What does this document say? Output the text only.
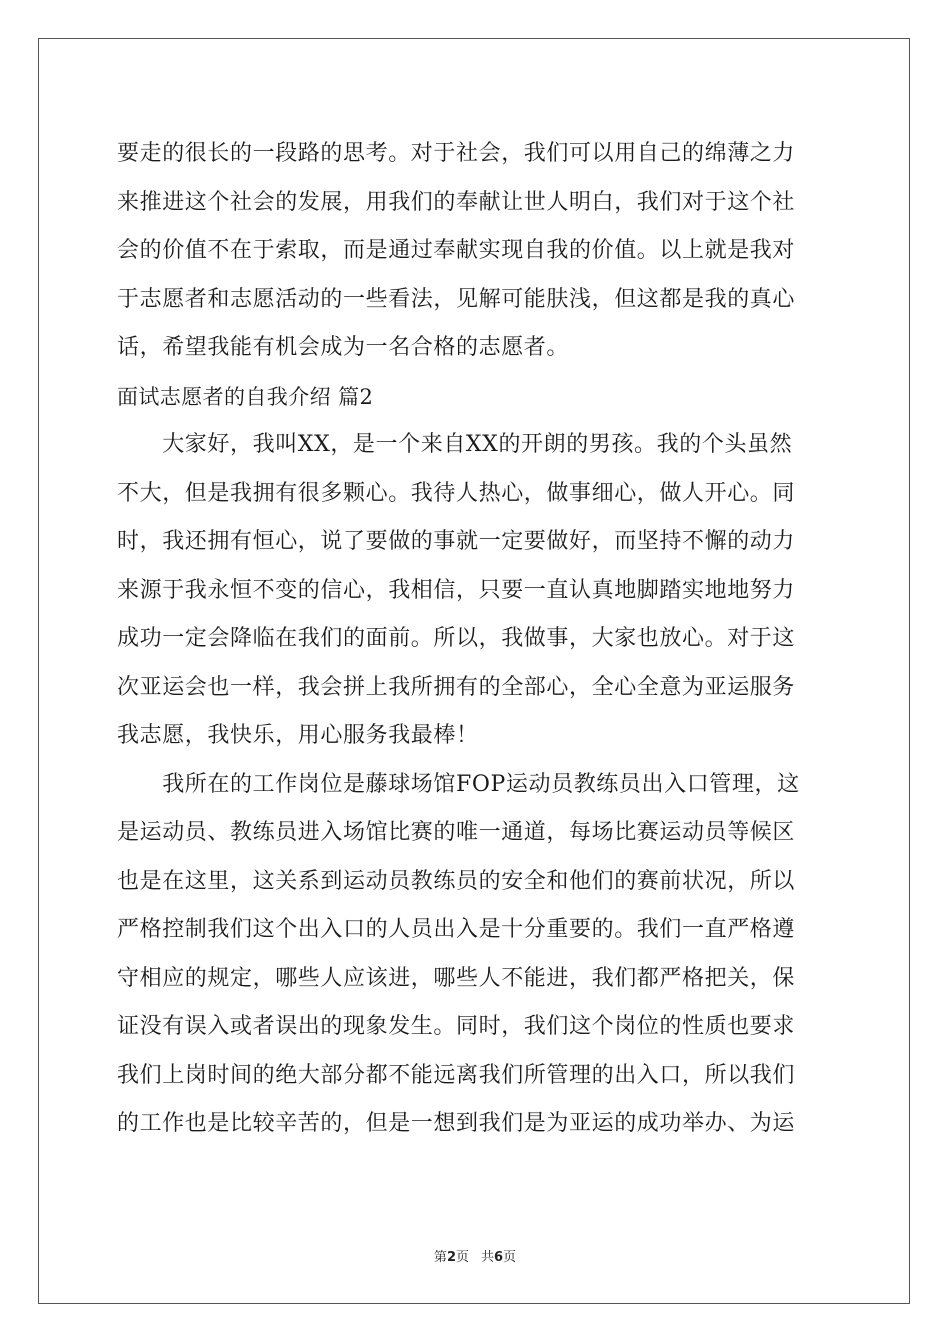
要走的很长的一段路的思考。对于社会，我们可以用自己的绵薄之力
来推进这个社会的发展，用我们的奉献让世人明白，我们对于这个社
会的价值不在于索取，而是通过奉献实现自我的价值。以上就是我对
于志愿者和志愿活动的一些看法，见解可能肤浅，但这都是我的真心
话，希望我能有机会成为一名合格的志愿者。
面试志愿者的自我介绍 篇2
　　大家好，我叫XX，是一个来自XX的开朗的男孩。我的个头虽然
不大，但是我拥有很多颗心。我待人热心，做事细心，做人开心。同
时，我还拥有恒心，说了要做的事就一定要做好，而坚持不懈的动力
来源于我永恒不变的信心，我相信，只要一直认真地脚踏实地地努力
成功一定会降临在我们的面前。所以，我做事，大家也放心。对于这
次亚运会也一样，我会拼上我所拥有的全部心，全心全意为亚运服务
我志愿，我快乐，用心服务我最棒！
　　我所在的工作岗位是藤球场馆FOP运动员教练员出入口管理，这
是运动员、教练员进入场馆比赛的唯一通道，每场比赛运动员等候区
也是在这里，这关系到运动员教练员的安全和他们的赛前状况，所以
严格控制我们这个出入口的人员出入是十分重要的。我们一直严格遵
守相应的规定，哪些人应该进，哪些人不能进，我们都严格把关，保
证没有误入或者误出的现象发生。同时，我们这个岗位的性质也要求
我们上岗时间的绝大部分都不能远离我们所管理的出入口，所以我们
的工作也是比较辛苦的，但是一想到我们是为亚运的成功举办、为运
第2页 共6页
